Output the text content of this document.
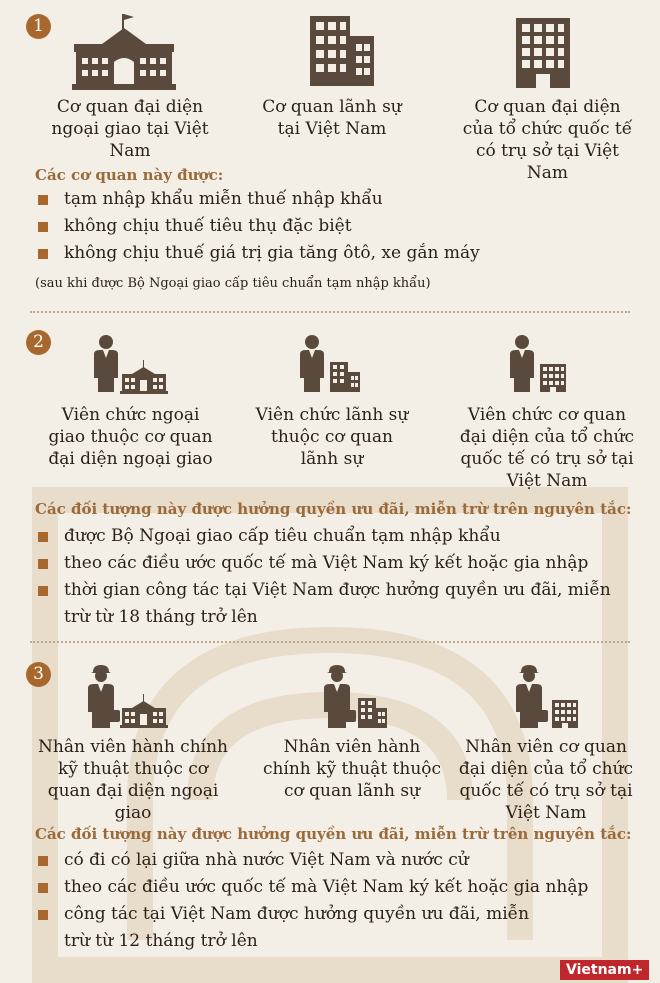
1
Cơ quan đại diện ngoại giao tại Việt Nam
Cơ quan lãnh sự tại Việt Nam
Cơ quan đại diện của tổ chức quốc tế có trụ sở tại Việt Nam
Các cơ quan này được:
tạm nhập khẩu miễn thuế nhập khẩu
không chịu thuế tiêu thụ đặc biệt
không chịu thuế giá trị gia tăng ôtô, xe gắn máy
(sau khi được Bộ Ngoại giao cấp tiêu chuẩn tạm nhập khẩu)
2
Viên chức ngoại giao thuộc cơ quan đại diện ngoại giao
Viên chức lãnh sự thuộc cơ quan lãnh sự
Viên chức cơ quan đại diện của tổ chức quốc tế có trụ sở tại Việt Nam
Các đối tượng này được hưởng quyền ưu đãi, miễn trừ trên nguyên tắc:
được Bộ Ngoại giao cấp tiêu chuẩn tạm nhập khẩu
theo các điều ước quốc tế mà Việt Nam ký kết hoặc gia nhập
thời gian công tác tại Việt Nam được hưởng quyền ưu đãi, miễn trừ từ 18 tháng trở lên
3
Nhân viên hành chính kỹ thuật thuộc cơ quan đại diện ngoại giao
Nhân viên hành chính kỹ thuật thuộc cơ quan lãnh sự
Nhân viên cơ quan đại diện của tổ chức quốc tế có trụ sở tại Việt Nam
Các đối tượng này được hưởng quyền ưu đãi, miễn trừ trên nguyên tắc:
có đi có lại giữa nhà nước Việt Nam và nước cử
theo các điều ước quốc tế mà Việt Nam ký kết hoặc gia nhập
công tác tại Việt Nam được hưởng quyền ưu đãi, miễn trừ từ 12 tháng trở lên
Vietnam+
